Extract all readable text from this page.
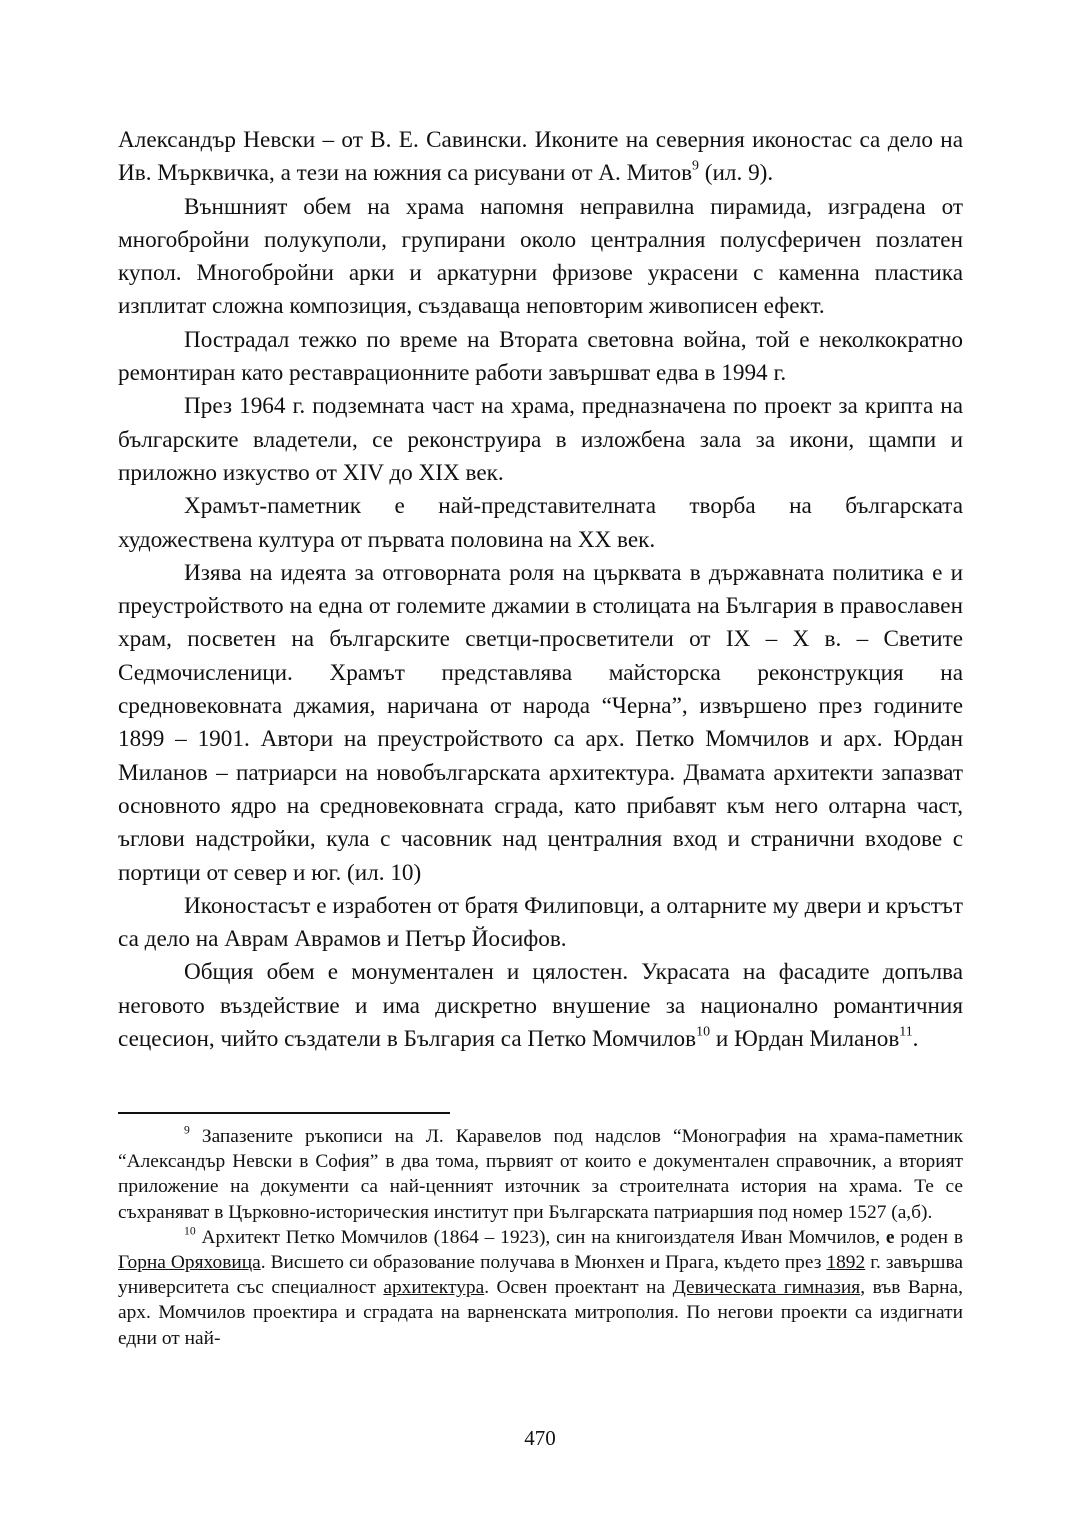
Александър Невски – от В. Е. Савински. Иконите на северния иконостас са дело на Ив. Мърквичка, а тези на южния са рисувани от А. Митов$^9$ (ил. 9).

Външният обем на храма напомня неправилна пирамида, изградена от многобройни полукуполи, групирани около централния полусферичен позлатен купол. Многобройни арки и аркатурни фризове украсени с каменна пластика изплитат сложна композиция, създаваща неповторим живописен ефект.

Пострадал тежко по време на Втората световна война, той е неколкократно ремонтиран като реставрационните работи завършват едва в 1994 г.

През 1964 г. подземната част на храма, предназначена по проект за крипта на българските владетели, се реконструира в изложбена зала за икони, щампи и приложно изкуство от XIV до XIX век.

Храмът-паметник е най-представителната творба на българската художествена култура от първата половина на XX век.

Изява на идеята за отговорната роля на църквата в държавната политика е и преустройството на една от големите джамии в столицата на България в православен храм, посветен на българските светци-просветители от IX – X в. – Светите Седмочисленици. Храмът представлява майсторска реконструкция на средновековната джамия, наричана от народа “Черна”, извършено през годините 1899 – 1901. Автори на преустройството са арх. Петко Момчилов и арх. Юрдан Миланов – патриарси на новобългарската архитектура. Двамата архитекти запазват основното ядро на средновековната сграда, като прибавят към него олтарна част, ъглови надстройки, кула с часовник над централния вход и странични входове с портици от север и юг. (ил. 10)

Иконостасът е изработен от братя Филиповци, а олтарните му двери и кръстът са дело на Аврам Аврамов и Петър Йосифов.

Общия обем е монументален и цялостен. Украсата на фасадите допълва неговото въздействие и има дискретно внушение за национално романтичния сецесион, чийто създатели в България са Петко Момчилов$^{10}$ и Юрдан Миланов$^{11}$.

$^9$ Запазените ръкописи на Л. Каравелов под надслов “Монография на храма-паметник “Александър Невски в София” в два тома, първият от които е документален справочник, а вторият приложение на документи са най-ценният източник за строителната история на храма. Те се съхраняват в Църковно-историческия институт при Българската патриаршия под номер 1527 (а,б).

$^{10}$ Архитект Петко Момчилов (1864 – 1923), син на книгоиздателя Иван Момчилов, е роден в Горна Оряховица. Висшето си образование получава в Мюнхен и Прага, където през 1892 г. завършва университета със специалност архитектура. Освен проектант на Девическата гимназия, във Варна, арх. Момчилов проектира и сградата на варненската митрополия. По негови проекти са издигнати едни от най-

470
